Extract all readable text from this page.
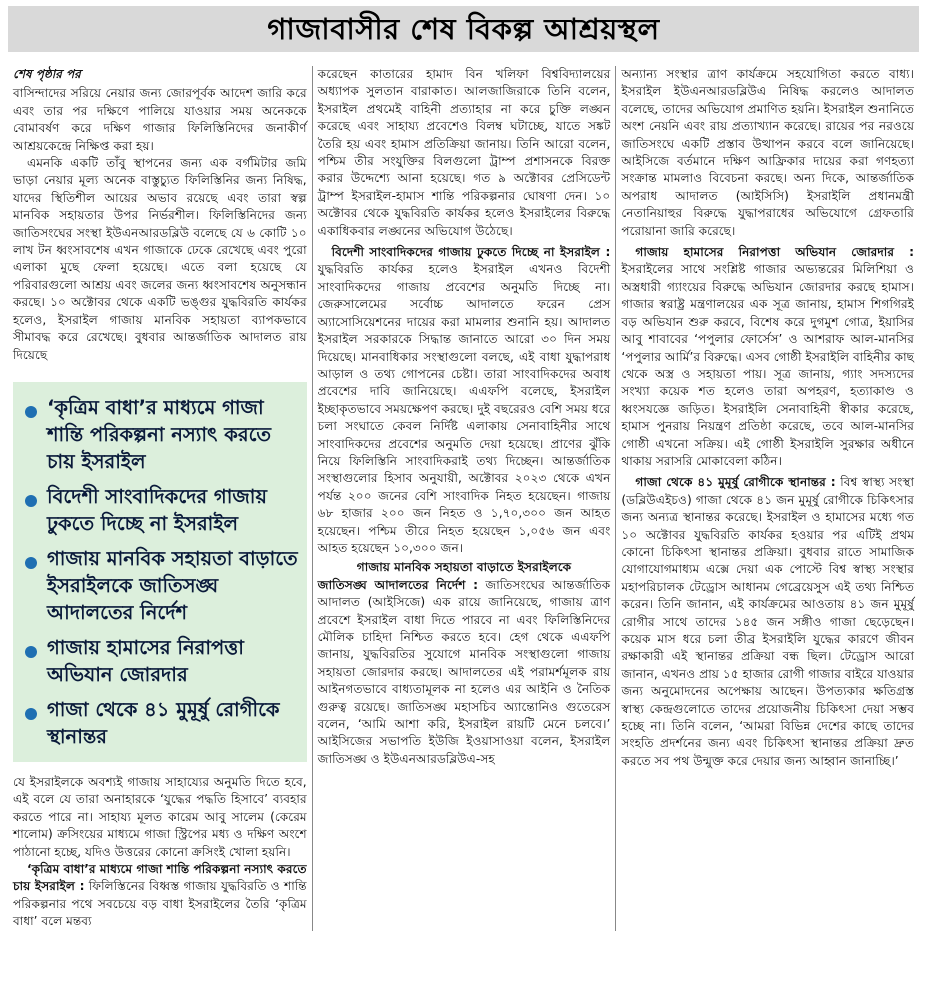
গাজাবাসীর শেষ বিকল্প আশ্রয়স্থল
শেষ পৃষ্ঠার পর

বাসিন্দাদের সরিয়ে নেয়ার জন্য জোরপূর্বক আদেশ জারি করে এবং তার পর দক্ষিণে পালিয়ে যাওয়ার সময় অনেককে বোমাবর্ষণ করে দক্ষিণ গাজার ফিলিস্তিনিদের জনাকীর্ণ আশ্রয়কেন্দ্রে নিক্ষিপ্ত করা হয়।

এমনকি একটি তাঁবু স্থাপনের জন্য এক বর্গমিটার জমি ভাড়া নেয়ার মূল্য অনেক বাস্তুচ্যুত ফিলিস্তিনির জন্য নিষিদ্ধ, যাদের স্থিতিশীল আয়ের অভাব রয়েছে এবং তারা স্বল্প মানবিক সহায়তার উপর নির্ভরশীল। ফিলিস্তিনিদের জন্য জাতিসংঘের সংস্থা ইউএনআরডব্লিউ বলেছে যে ৬ কোটি ১০ লাখ টন ধ্বংসাবশেষ এখন গাজাকে ঢেকে রেখেছে এবং পুরো এলাকা মুছে ফেলা হয়েছে। এতে বলা হয়েছে যে পরিবারগুলো আশ্রয় এবং জলের জন্য ধ্বংসাবশেষ অনুসন্ধান করছে। ১০ অক্টোবর থেকে একটি ভঙ্গুর যুদ্ধবিরতি কার্যকর হলেও, ইসরাইল গাজায় মানবিক সহায়তা ব্যাপকভাবে সীমাবদ্ধ করে রেখেছে। বুধবার আন্তর্জাতিক আদালত রায় দিয়েছে

‘কৃত্রিম বাধা’র মাধ্যমে গাজা শান্তি পরিকল্পনা নস্যাৎ করতে চায় ইসরাইল
বিদেশী সাংবাদিকদের গাজায় ঢুকতে দিচ্ছে না ইসরাইল
গাজায় মানবিক সহায়তা বাড়াতে ইসরাইলকে জাতিসঙ্ঘ আদালতের নির্দেশ
গাজায় হামাসের নিরাপত্তা অভিযান জোরদার
গাজা থেকে ৪১ মুমূর্ষু রোগীকে স্থানান্তর

যে ইসরাইলকে অবশ্যই গাজায় সাহায্যের অনুমতি দিতে হবে, এই বলে যে তারা অনাহারকে ‘যুদ্ধের পদ্ধতি হিসাবে’ ব্যবহার করতে পারে না। সাহায্য মূলত কারেম আবু সালেম (কেরেম শালোম) ক্রসিংয়ের মাধ্যমে গাজা স্ট্রিপের মধ্য ও দক্ষিণ অংশে পাঠানো হচ্ছে, যদিও উত্তরের কোনো ক্রসিংই খোলা হয়নি।

‘কৃত্রিম বাধা’র মাধ্যমে গাজা শান্তি পরিকল্পনা নস্যাৎ করতে চায় ইসরাইল : ফিলিস্তিনের বিধ্বস্ত গাজায় যুদ্ধবিরতি ও শান্তি পরিকল্পনার পথে সবচেয়ে বড় বাধা ইসরাইলের তৈরি ‘কৃত্রিম বাধা’ বলে মন্তব্য

করেছেন কাতারের হামাদ বিন খলিফা বিশ্ববিদ্যালয়ের অধ্যাপক সুলতান বারাকাত। আলজাজিরাকে তিনি বলেন, ইসরাইল প্রথমেই বাহিনী প্রত্যাহার না করে চুক্তি লঙ্ঘন করেছে এবং সাহায্য প্রবেশেও বিলম্ব ঘটাচ্ছে, যাতে সঙ্কট তৈরি হয় এবং হামাস প্রতিক্রিয়া জানায়। তিনি আরো বলেন, পশ্চিম তীর সংযুক্তির বিলগুলো ট্রাম্প প্রশাসনকে বিরক্ত করার উদ্দেশ্যে আনা হয়েছে। গত ৯ অক্টোবর প্রেসিডেন্ট ট্রাম্প ইসরাইল-হামাস শান্তি পরিকল্পনার ঘোষণা দেন। ১০ অক্টোবর থেকে যুদ্ধবিরতি কার্যকর হলেও ইসরাইলের বিরুদ্ধে একাধিকবার লঙ্ঘনের অভিযোগ উঠেছে।

বিদেশী সাংবাদিকদের গাজায় ঢুকতে দিচ্ছে না ইসরাইল : যুদ্ধবিরতি কার্যকর হলেও ইসরাইল এখনও বিদেশী সাংবাদিকদের গাজায় প্রবেশের অনুমতি দিচ্ছে না। জেরুসালেমের সর্বোচ্চ আদালতে ফরেন প্রেস অ্যাসোসিয়েশনের দায়ের করা মামলার শুনানি হয়। আদালত ইসরাইল সরকারকে সিদ্ধান্ত জানাতে আরো ৩০ দিন সময় দিয়েছে। মানবাধিকার সংস্থাগুলো বলছে, এই বাধা যুদ্ধাপরাধ আড়াল ও তথ্য গোপনের চেষ্টা। তারা সাংবাদিকদের অবাধ প্রবেশের দাবি জানিয়েছে। এএফপি বলেছে, ইসরাইল ইচ্ছাকৃতভাবে সময়ক্ষেপণ করছে। দুই বছরেরও বেশি সময় ধরে চলা সংঘাতে কেবল নির্দিষ্ট এলাকায় সেনাবাহিনীর সাথে সাংবাদিকদের প্রবেশের অনুমতি দেয়া হয়েছে। প্রাণের ঝুঁকি নিয়ে ফিলিস্তিনি সাংবাদিকরাই তথ্য দিচ্ছেন। আন্তর্জাতিক সংস্থাগুলোর হিসাব অনুযায়ী, অক্টোবর ২০২৩ থেকে এখন পর্যন্ত ২০০ জনের বেশি সাংবাদিক নিহত হয়েছেন। গাজায় ৬৮ হাজার ২০০ জন নিহত ও ১,৭০,৩০০ জন আহত হয়েছেন। পশ্চিম তীরে নিহত হয়েছেন ১,০৫৬ জন এবং আহত হয়েছেন ১০,৩০০ জন।

গাজায় মানবিক সহায়তা বাড়াতে ইসরাইলকে

জাতিসঙ্ঘ আদালতের নির্দেশ : জাতিসংঘের আন্তর্জাতিক আদালত (আইসিজে) এক রায়ে জানিয়েছে, গাজায় ত্রাণ প্রবেশে ইসরাইল বাধা দিতে পারবে না এবং ফিলিস্তিনিদের মৌলিক চাহিদা নিশ্চিত করতে হবে। হেগ থেকে এএফপি জানায়, যুদ্ধবিরতির সুযোগে মানবিক সংস্থাগুলো গাজায় সহায়তা জোরদার করছে। আদালতের এই পরামর্শমূলক রায় আইনগতভাবে বাধ্যতামূলক না হলেও এর আইনি ও নৈতিক গুরুত্ব রয়েছে। জাতিসঙ্ঘ মহাসচিব অ্যান্তোনিও গুতেরেস বলেন, ‘আমি আশা করি, ইসরাইল রায়টি মেনে চলবে।’ আইসিজের সভাপতি ইউজি ইওয়াসাওয়া বলেন, ইসরাইল জাতিসঙ্ঘ ও ইউএনআরডব্লিউএ-সহ

অন্যান্য সংস্থার ত্রাণ কার্যক্রমে সহযোগিতা করতে বাধ্য। ইসরাইল ইউএনআরডব্লিউএ নিষিদ্ধ করলেও আদালত বলেছে, তাদের অভিযোগ প্রমাণিত হয়নি। ইসরাইল শুনানিতে অংশ নেয়নি এবং রায় প্রত্যাখ্যান করেছে। রায়ের পর নরওয়ে জাতিসংঘে একটি প্রস্তাব উত্থাপন করবে বলে জানিয়েছে। আইসিজে বর্তমানে দক্ষিণ আফ্রিকার দায়ের করা গণহত্যা সংক্রান্ত মামলাও বিবেচনা করছে। অন্য দিকে, আন্তর্জাতিক অপরাধ আদালত (আইসিসি) ইসরাইলি প্রধানমন্ত্রী নেতানিয়াহুর বিরুদ্ধে যুদ্ধাপরাধের অভিযোগে গ্রেফতারি পরোয়ানা জারি করেছে।

গাজায় হামাসের নিরাপত্তা অভিযান জোরদার : ইসরাইলের সাথে সংশ্লিষ্ট গাজার অভ্যন্তরের মিলিশিয়া ও অস্ত্রধারী গ্যাংয়ের বিরুদ্ধে অভিযান জোরদার করছে হামাস। গাজার স্বরাষ্ট্র মন্ত্রণালয়ের এক সূত্র জানায়, হামাস শিগগিরই বড় অভিযান শুরু করবে, বিশেষ করে দুগমুশ গোত্র, ইয়াসির আবু শাবাবের ‘পপুলার ফোর্সেস’ ও আশরাফ আল-মানসির ‘পপুলার আর্মি’র বিরুদ্ধে। এসব গোষ্ঠী ইসরাইলি বাহিনীর কাছ থেকে অস্ত্র ও সহায়তা পায়। সূত্র জানায়, গ্যাং সদস্যদের সংখ্যা কয়েক শত হলেও তারা অপহরণ, হত্যাকাণ্ড ও ধ্বংসযজ্ঞে জড়িত। ইসরাইলি সেনাবাহিনী স্বীকার করেছে, হামাস পুনরায় নিয়ন্ত্রণ প্রতিষ্ঠা করেছে, তবে আল-মানসির গোষ্ঠী এখনো সক্রিয়। এই গোষ্ঠী ইসরাইলি সুরক্ষার অধীনে থাকায় সরাসরি মোকাবেলা কঠিন।

গাজা থেকে ৪১ মুমূর্ষু রোগীকে স্থানান্তর : বিশ্ব স্বাস্থ্য সংস্থা (ডব্লিউএইচও) গাজা থেকে ৪১ জন মুমূর্ষু রোগীকে চিকিৎসার জন্য অন্যত্র স্থানান্তর করেছে। ইসরাইল ও হামাসের মধ্যে গত ১০ অক্টোবর যুদ্ধবিরতি কার্যকর হওয়ার পর এটিই প্রথম কোনো চিকিৎসা স্থানান্তর প্রক্রিয়া। বুধবার রাতে সামাজিক যোগাযোগমাধ্যম এক্সে দেয়া এক পোস্টে বিশ্ব স্বাস্থ্য সংস্থার মহাপরিচালক টেড্রোস আধানম গেব্রেয়েসুস এই তথ্য নিশ্চিত করেন। তিনি জানান, এই কার্যক্রমের আওতায় ৪১ জন মুমূর্ষু রোগীর সাথে তাদের ১৪৫ জন সঙ্গীও গাজা ছেড়েছেন। কয়েক মাস ধরে চলা তীব্র ইসরাইলি যুদ্ধের কারণে জীবন রক্ষাকারী এই স্থানান্তর প্রক্রিয়া বন্ধ ছিল। টেড্রোস আরো জানান, এখনও প্রায় ১৫ হাজার রোগী গাজার বাইরে যাওয়ার জন্য অনুমোদনের অপেক্ষায় আছেন। উপত্যকার ক্ষতিগ্রস্ত স্বাস্থ্য কেন্দ্রগুলোতে তাদের প্রয়োজনীয় চিকিৎসা দেয়া সম্ভব হচ্ছে না। তিনি বলেন, ‘আমরা বিভিন্ন দেশের কাছে তাদের সংহতি প্রদর্শনের জন্য এবং চিকিৎসা স্থানান্তর প্রক্রিয়া দ্রুত করতে সব পথ উন্মুক্ত করে দেয়ার জন্য আহ্বান জানাচ্ছি।’
